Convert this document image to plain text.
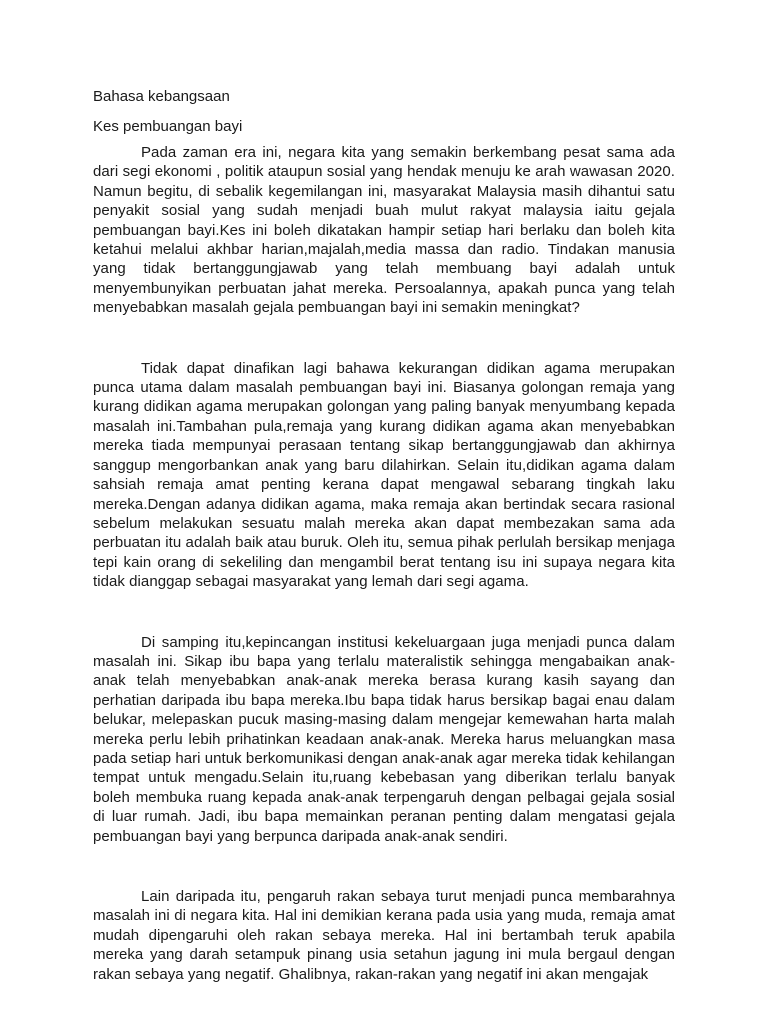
Bahasa kebangsaan
Kes pembuangan bayi

Pada zaman era ini, negara kita yang semakin berkembang pesat sama ada dari segi ekonomi , politik ataupun sosial yang hendak menuju ke arah wawasan 2020. Namun begitu, di sebalik kegemilangan ini, masyarakat Malaysia masih dihantui satu penyakit sosial yang sudah menjadi buah mulut rakyat malaysia iaitu gejala pembuangan bayi.Kes ini boleh dikatakan hampir setiap hari berlaku dan boleh kita ketahui melalui akhbar harian,majalah,media massa dan radio. Tindakan manusia yang tidak bertanggungjawab yang telah membuang bayi adalah untuk menyembunyikan perbuatan jahat mereka. Persoalannya, apakah punca yang telah menyebabkan masalah gejala pembuangan bayi ini semakin meningkat?

Tidak dapat dinafikan lagi bahawa kekurangan didikan agama merupakan punca utama dalam masalah pembuangan bayi ini. Biasanya golongan remaja yang kurang didikan agama merupakan golongan yang paling banyak menyumbang kepada masalah ini.Tambahan pula,remaja yang kurang didikan agama akan menyebabkan mereka tiada mempunyai perasaan tentang sikap bertanggungjawab dan akhirnya sanggup mengorbankan anak yang baru dilahirkan. Selain itu,didikan agama dalam sahsiah remaja amat penting kerana dapat mengawal sebarang tingkah laku mereka.Dengan adanya didikan agama, maka remaja akan bertindak secara rasional sebelum melakukan sesuatu malah mereka akan dapat membezakan sama ada perbuatan itu adalah baik atau buruk. Oleh itu, semua pihak perlulah bersikap menjaga tepi kain orang di sekeliling dan mengambil berat tentang isu ini supaya negara kita tidak dianggap sebagai masyarakat yang lemah dari segi agama.

Di samping itu,kepincangan institusi kekeluargaan juga menjadi punca dalam masalah ini. Sikap ibu bapa yang terlalu materalistik sehingga mengabaikan anak-anak telah menyebabkan anak-anak mereka berasa kurang kasih sayang dan perhatian daripada ibu bapa mereka.Ibu bapa tidak harus bersikap bagai enau dalam belukar, melepaskan pucuk masing-masing dalam mengejar kemewahan harta malah mereka perlu lebih prihatinkan keadaan anak-anak. Mereka harus meluangkan masa pada setiap hari untuk berkomunikasi dengan anak-anak agar mereka tidak kehilangan tempat untuk mengadu.Selain itu,ruang kebebasan yang diberikan terlalu banyak boleh membuka ruang kepada anak-anak terpengaruh dengan pelbagai gejala sosial di luar rumah. Jadi, ibu bapa memainkan peranan penting dalam mengatasi gejala pembuangan bayi yang berpunca daripada anak-anak sendiri.

Lain daripada itu, pengaruh rakan sebaya turut menjadi punca membarahnya masalah ini di negara kita. Hal ini demikian kerana pada usia yang muda, remaja amat mudah dipengaruhi oleh rakan sebaya mereka. Hal ini bertambah teruk apabila mereka yang darah setampuk pinang usia setahun jagung ini mula bergaul dengan rakan sebaya yang negatif. Ghalibnya, rakan-rakan yang negatif ini akan mengajak
